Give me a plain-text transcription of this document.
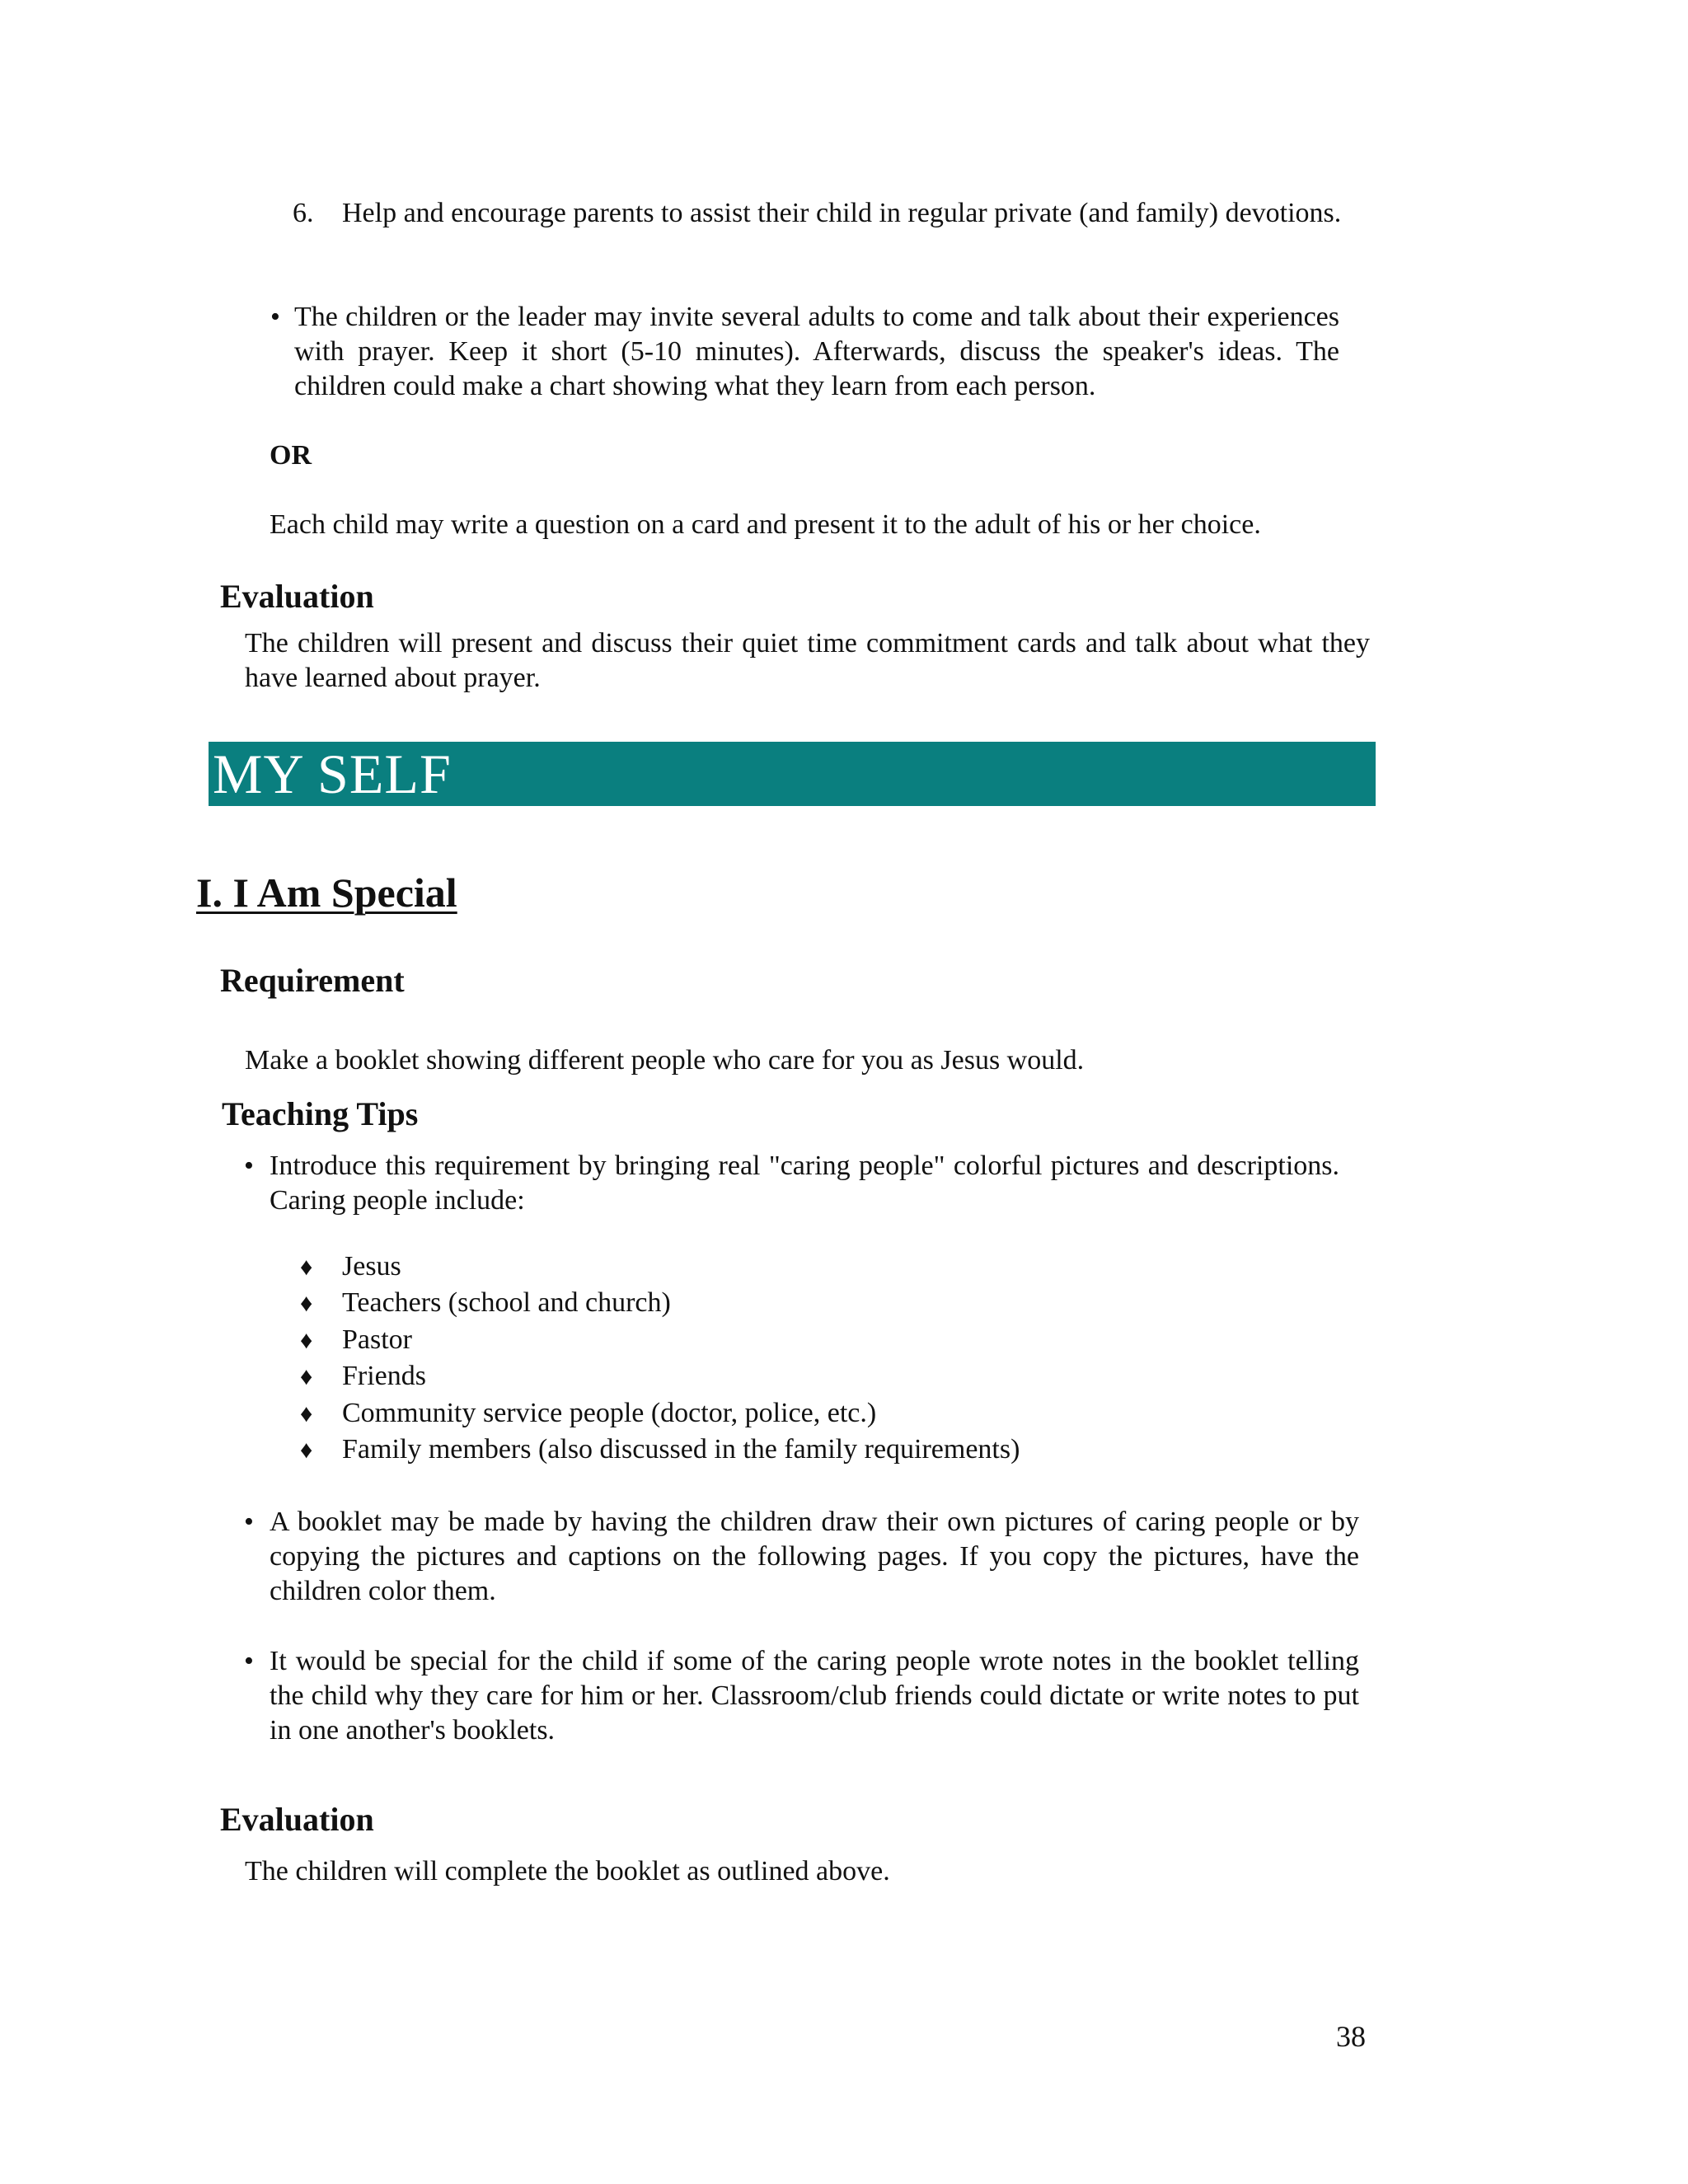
6. Help and encourage parents to assist their child in regular private (and family) devotions.
• The children or the leader may invite several adults to come and talk about their experiences with prayer. Keep it short (5-10 minutes). Afterwards, discuss the speaker's ideas. The children could make a chart showing what they learn from each person.
OR
Each child may write a question on a card and present it to the adult of his or her choice.
Evaluation
The children will present and discuss their quiet time commitment cards and talk about what they have learned about prayer.
MY SELF
I. I Am Special
Requirement
Make a booklet showing different people who care for you as Jesus would.
Teaching Tips
• Introduce this requirement by bringing real "caring people" colorful pictures and descriptions. Caring people include:
♦ Jesus
♦ Teachers (school and church)
♦ Pastor
♦ Friends
♦ Community service people (doctor, police, etc.)
♦ Family members (also discussed in the family requirements)
• A booklet may be made by having the children draw their own pictures of caring people or by copying the pictures and captions on the following pages. If you copy the pictures, have the children color them.
• It would be special for the child if some of the caring people wrote notes in the booklet telling the child why they care for him or her. Classroom/club friends could dictate or write notes to put in one another's booklets.
Evaluation
The children will complete the booklet as outlined above.
38
